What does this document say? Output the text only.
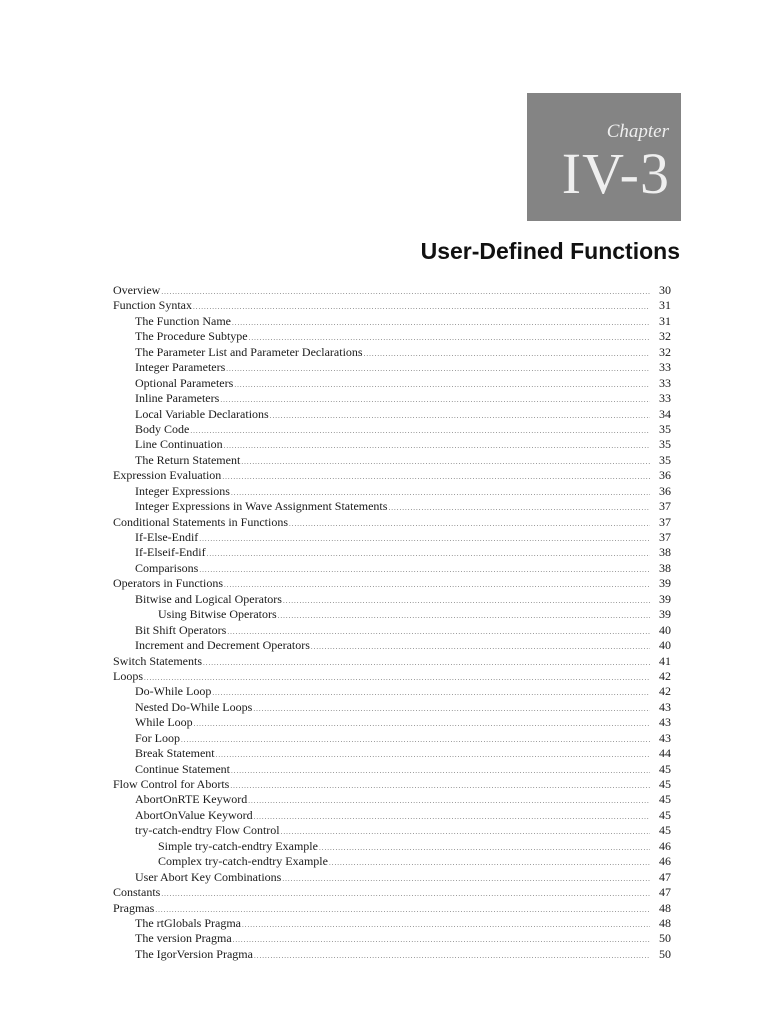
Chapter
IV-3
User-Defined Functions
Overview .....	30
Function Syntax .....	31
The Function Name .....	31
The Procedure Subtype .....	32
The Parameter List and Parameter Declarations .....	32
Integer Parameters .....	33
Optional Parameters .....	33
Inline Parameters .....	33
Local Variable Declarations .....	34
Body Code .....	35
Line Continuation .....	35
The Return Statement .....	35
Expression Evaluation .....	36
Integer Expressions .....	36
Integer Expressions in Wave Assignment Statements .....	37
Conditional Statements in Functions .....	37
If-Else-Endif .....	37
If-Elseif-Endif .....	38
Comparisons .....	38
Operators in Functions .....	39
Bitwise and Logical Operators .....	39
Using Bitwise Operators .....	39
Bit Shift Operators .....	40
Increment and Decrement Operators .....	40
Switch Statements .....	41
Loops .....	42
Do-While Loop .....	42
Nested Do-While Loops .....	43
While Loop .....	43
For Loop .....	43
Break Statement .....	44
Continue Statement .....	45
Flow Control for Aborts .....	45
AbortOnRTE Keyword .....	45
AbortOnValue Keyword .....	45
try-catch-endtry Flow Control .....	45
Simple try-catch-endtry Example .....	46
Complex try-catch-endtry Example .....	46
User Abort Key Combinations .....	47
Constants .....	47
Pragmas .....	48
The rtGlobals Pragma .....	48
The version Pragma .....	50
The IgorVersion Pragma .....	50
